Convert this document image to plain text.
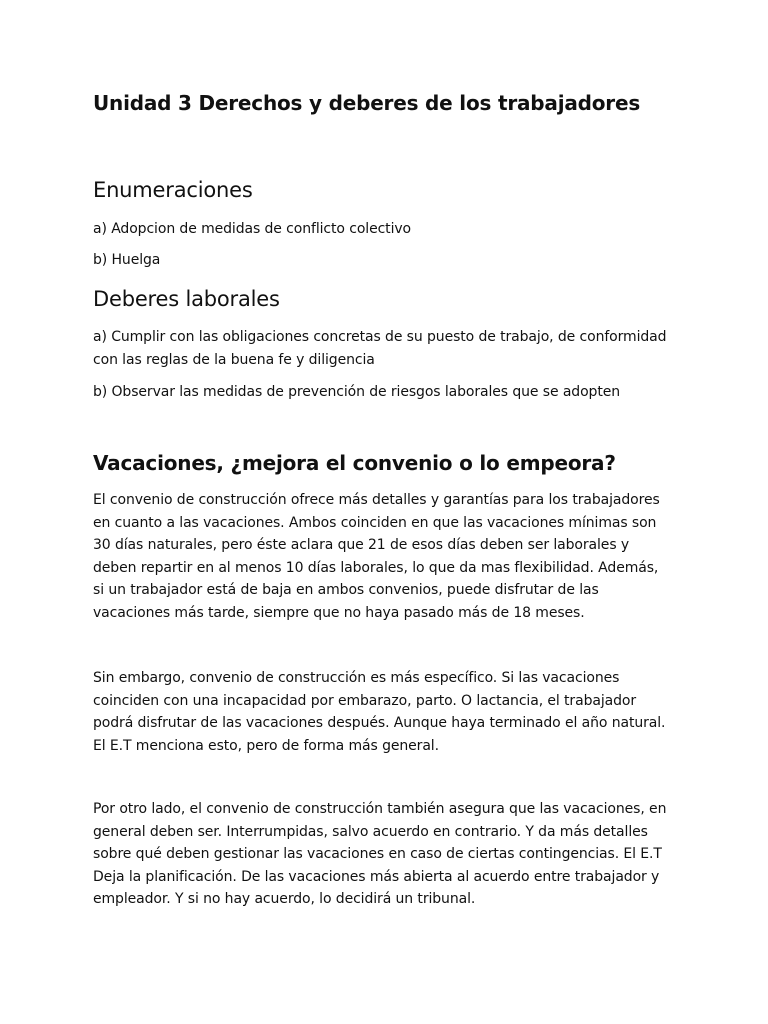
Unidad 3 Derechos y deberes de los trabajadores
Enumeraciones

a) Adopcion de medidas de conflicto colectivo

b) Huelga

Deberes laborales

a) Cumplir con las obligaciones concretas de su puesto de trabajo, de conformidad con las reglas de la buena fe y diligencia

b) Observar las medidas de prevención de riesgos laborales que se adopten

Vacaciones, ¿mejora el convenio o lo empeora?

El convenio de construcción ofrece más detalles y garantías para los trabajadores en cuanto a las vacaciones. Ambos coinciden en que las vacaciones mínimas son 30 días naturales, pero éste aclara que 21 de esos días deben ser laborales y deben repartir en al menos 10 días laborales, lo que da mas flexibilidad. Además, si un trabajador está de baja en ambos convenios, puede disfrutar de las vacaciones más tarde, siempre que no haya pasado más de 18 meses.

Sin embargo, convenio de construcción es más específico. Si las vacaciones coinciden con una incapacidad por embarazo, parto. O lactancia, el trabajador podrá disfrutar de las vacaciones después. Aunque haya terminado el año natural. El E.T menciona esto, pero de forma más general.

Por otro lado, el convenio de construcción también asegura que las vacaciones, en general deben ser. Interrumpidas, salvo acuerdo en contrario. Y da más detalles sobre qué deben gestionar las vacaciones en caso de ciertas contingencias. El E.T Deja la planificación. De las vacaciones más abierta al acuerdo entre trabajador y empleador. Y si no hay acuerdo, lo decidirá un tribunal.
